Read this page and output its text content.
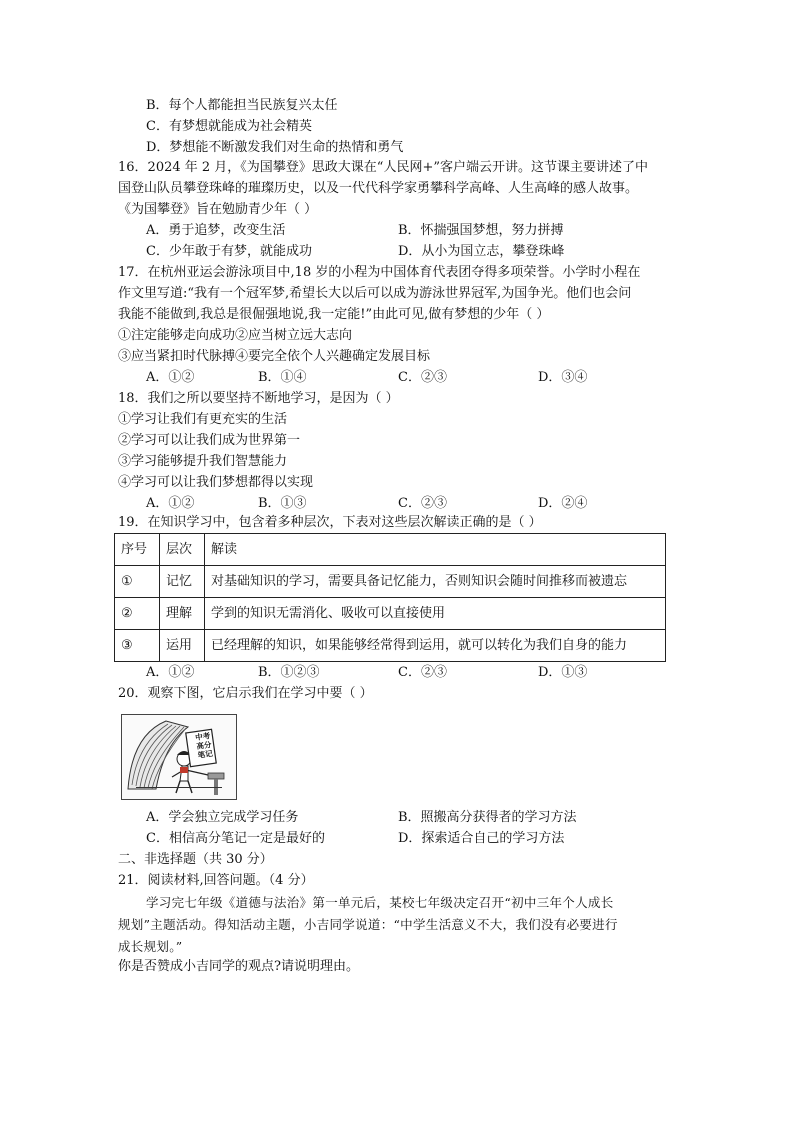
B．每个人都能担当民族复兴太任
C．有梦想就能成为社会精英
D．梦想能不断激发我们对生命的热情和勇气
16．2024 年 2 月，《为国攀登》思政大课在“人民网+”客户端云开讲。这节课主要讲述了中
国登山队员攀登珠峰的璀璨历史，以及一代代科学家勇攀科学高峰、人生高峰的感人故事。
《为国攀登》旨在勉励青少年（ ）
A．勇于追梦，改变生活	B．怀揣强国梦想，努力拼搏
C．少年敢于有梦，就能成功	D．从小为国立志，攀登珠峰
17．在杭州亚运会游泳项目中,18 岁的小程为中国体育代表团夺得多项荣誉。小学时小程在
作文里写道:“我有一个冠军梦,希望长大以后可以成为游泳世界冠军,为国争光。他们也会问
我能不能做到,我总是很倔强地说,我一定能!”由此可见,做有梦想的少年（ ）
①注定能够走向成功②应当树立远大志向
③应当紧扣时代脉搏④要完全依个人兴趣确定发展目标
A．①②	B．①④	C．②③	D．③④
18．我们之所以要坚持不断地学习，是因为（ ）
①学习让我们有更充实的生活
②学习可以让我们成为世界第一
③学习能够提升我们智慧能力
④学习可以让我们梦想都得以实现
A．①②	B．①③	C．②③	D．②④
19．在知识学习中，包含着多种层次，下表对这些层次解读正确的是（ ）
序号	层次	解读
①	记忆	对基础知识的学习，需要具备记忆能力，否则知识会随时间推移而被遗忘
②	理解	学到的知识无需消化、吸收可以直接使用
③	运用	已经理解的知识，如果能够经常得到运用，就可以转化为我们自身的能力
A．①②	B．①②③	C．②③	D．①③
20．观察下图，它启示我们在学习中要（ ）
中考
高分
笔记
A．学会独立完成学习任务	B．照搬高分获得者的学习方法
C．相信高分笔记一定是最好的	D．探索适合自己的学习方法
二、非选择题（共 30 分）
21．阅读材料,回答问题。（4 分）
学习完七年级《道德与法治》第一单元后，某校七年级决定召开“初中三年个人成长
规划”主题活动。得知活动主题，小吉同学说道：“中学生活意义不大，我们没有必要进行
成长规划。”
你是否赞成小吉同学的观点?请说明理由。
